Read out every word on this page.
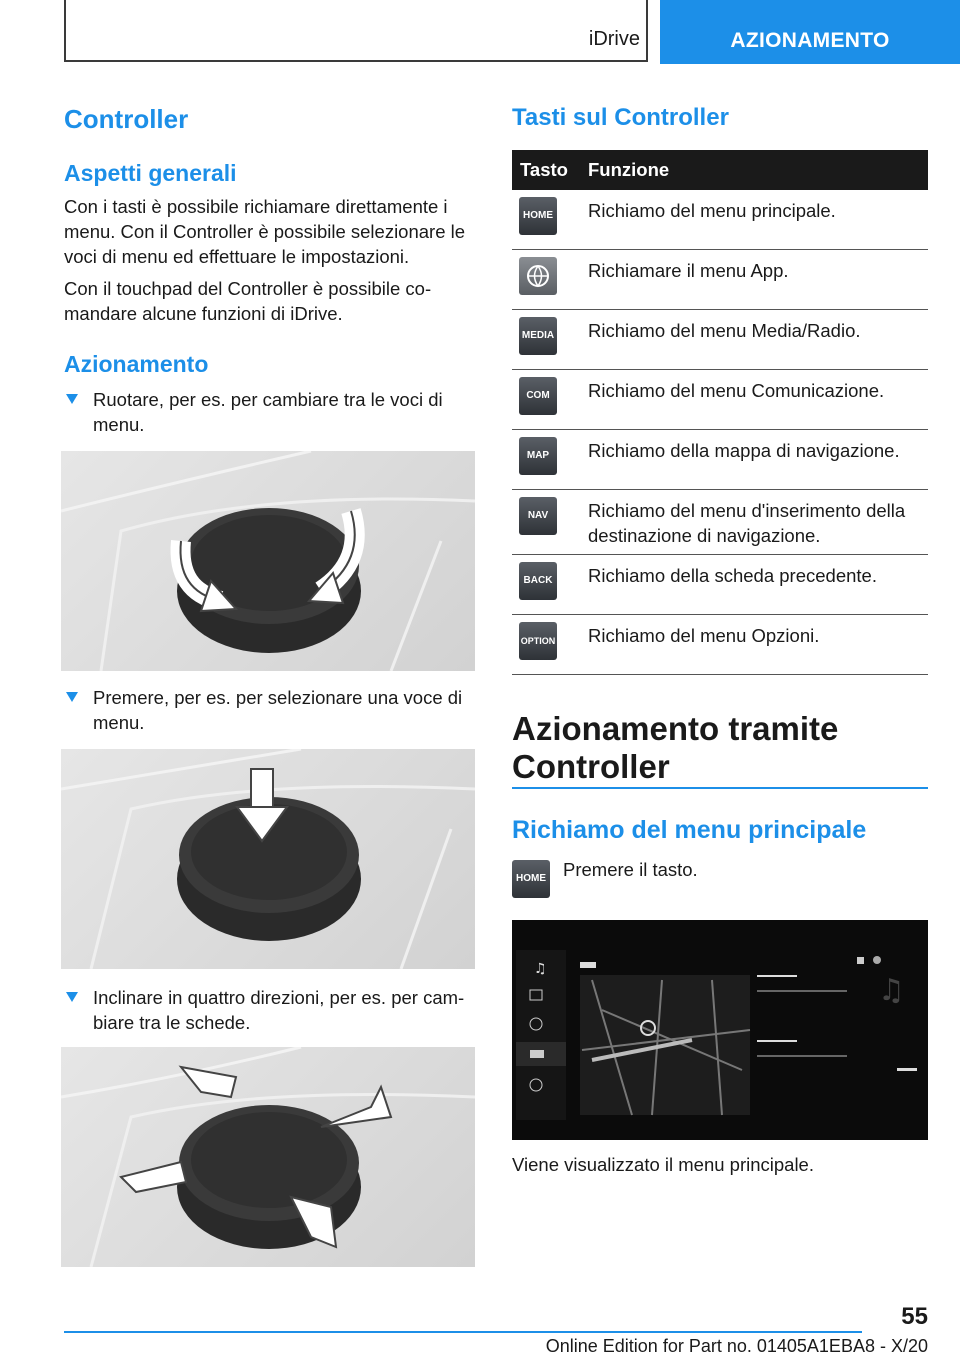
iDrive	AZIONAMENTO
Controller
Aspetti generali
Con i tasti è possibile richiamare direttamente i menu. Con il Controller è possibile selezionare le voci di menu ed effettuare le impostazioni.
Con il touchpad del Controller è possibile co-mandare alcune funzioni di iDrive.
Azionamento
Ruotare, per es. per cambiare tra le voci di menu.
Premere, per es. per selezionare una voce di menu.
Inclinare in quattro direzioni, per es. per cam-biare tra le schede.
Tasti sul Controller
Tasto	Funzione
HOME	Richiamo del menu principale.
	Richiamare il menu App.
MEDIA	Richiamo del menu Media/Radio.
COM	Richiamo del menu Comunicazione.
MAP	Richiamo della mappa di navigazione.
NAV	Richiamo del menu d'inserimento della destinazione di navigazione.
BACK	Richiamo della scheda precedente.
OPTION	Richiamo del menu Opzioni.
Azionamento tramite Controller
Richiamo del menu principale
HOME Premere il tasto.
♫
♫
Viene visualizzato il menu principale.
55
Online Edition for Part no. 01405A1EBA8 - X/20
